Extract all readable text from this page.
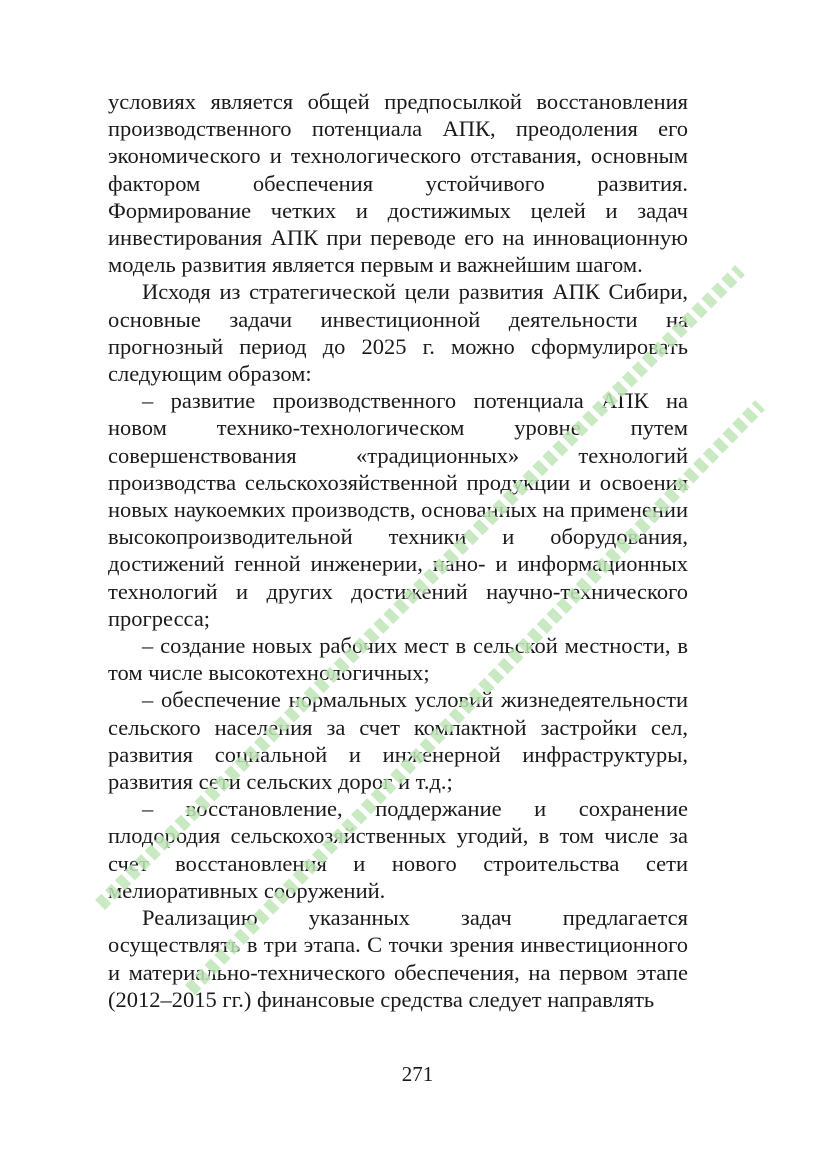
условиях является общей предпосылкой восстановления производственного потенциала АПК, преодоления его экономического и технологического отставания, основным фактором обеспечения устойчивого развития. Формирование четких и достижимых целей и задач инвестирования АПК при переводе его на инновационную модель развития является первым и важнейшим шагом.

Исходя из стратегической цели развития АПК Сибири, основные задачи инвестиционной деятельности на прогнозный период до 2025 г. можно сформулировать следующим образом:

– развитие производственного потенциала АПК на новом технико-технологическом уровне путем совершенствования «традиционных» технологий производства сельскохозяйственной продукции и освоения новых наукоемких производств, основанных на применении высокопроизводительной техники и оборудования, достижений генной инженерии, нано- и информационных технологий и других достижений научно-технического прогресса;

– создание новых рабочих мест в сельской местности, в том числе высокотехнологичных;

– обеспечение нормальных условий жизнедеятельности сельского населения за счет компактной застройки сел, развития социальной и инженерной инфраструктуры, развития сети сельских дорог и т.д.;

– восстановление, поддержание и сохранение плодородия сельскохозяйственных угодий, в том числе за счет восстановления и нового строительства сети мелиоративных сооружений.

Реализацию указанных задач предлагается осуществлять в три этапа. С точки зрения инвестиционного и материально-технического обеспечения, на первом этапе (2012–2015 гг.) финансовые средства следует направлять

271
